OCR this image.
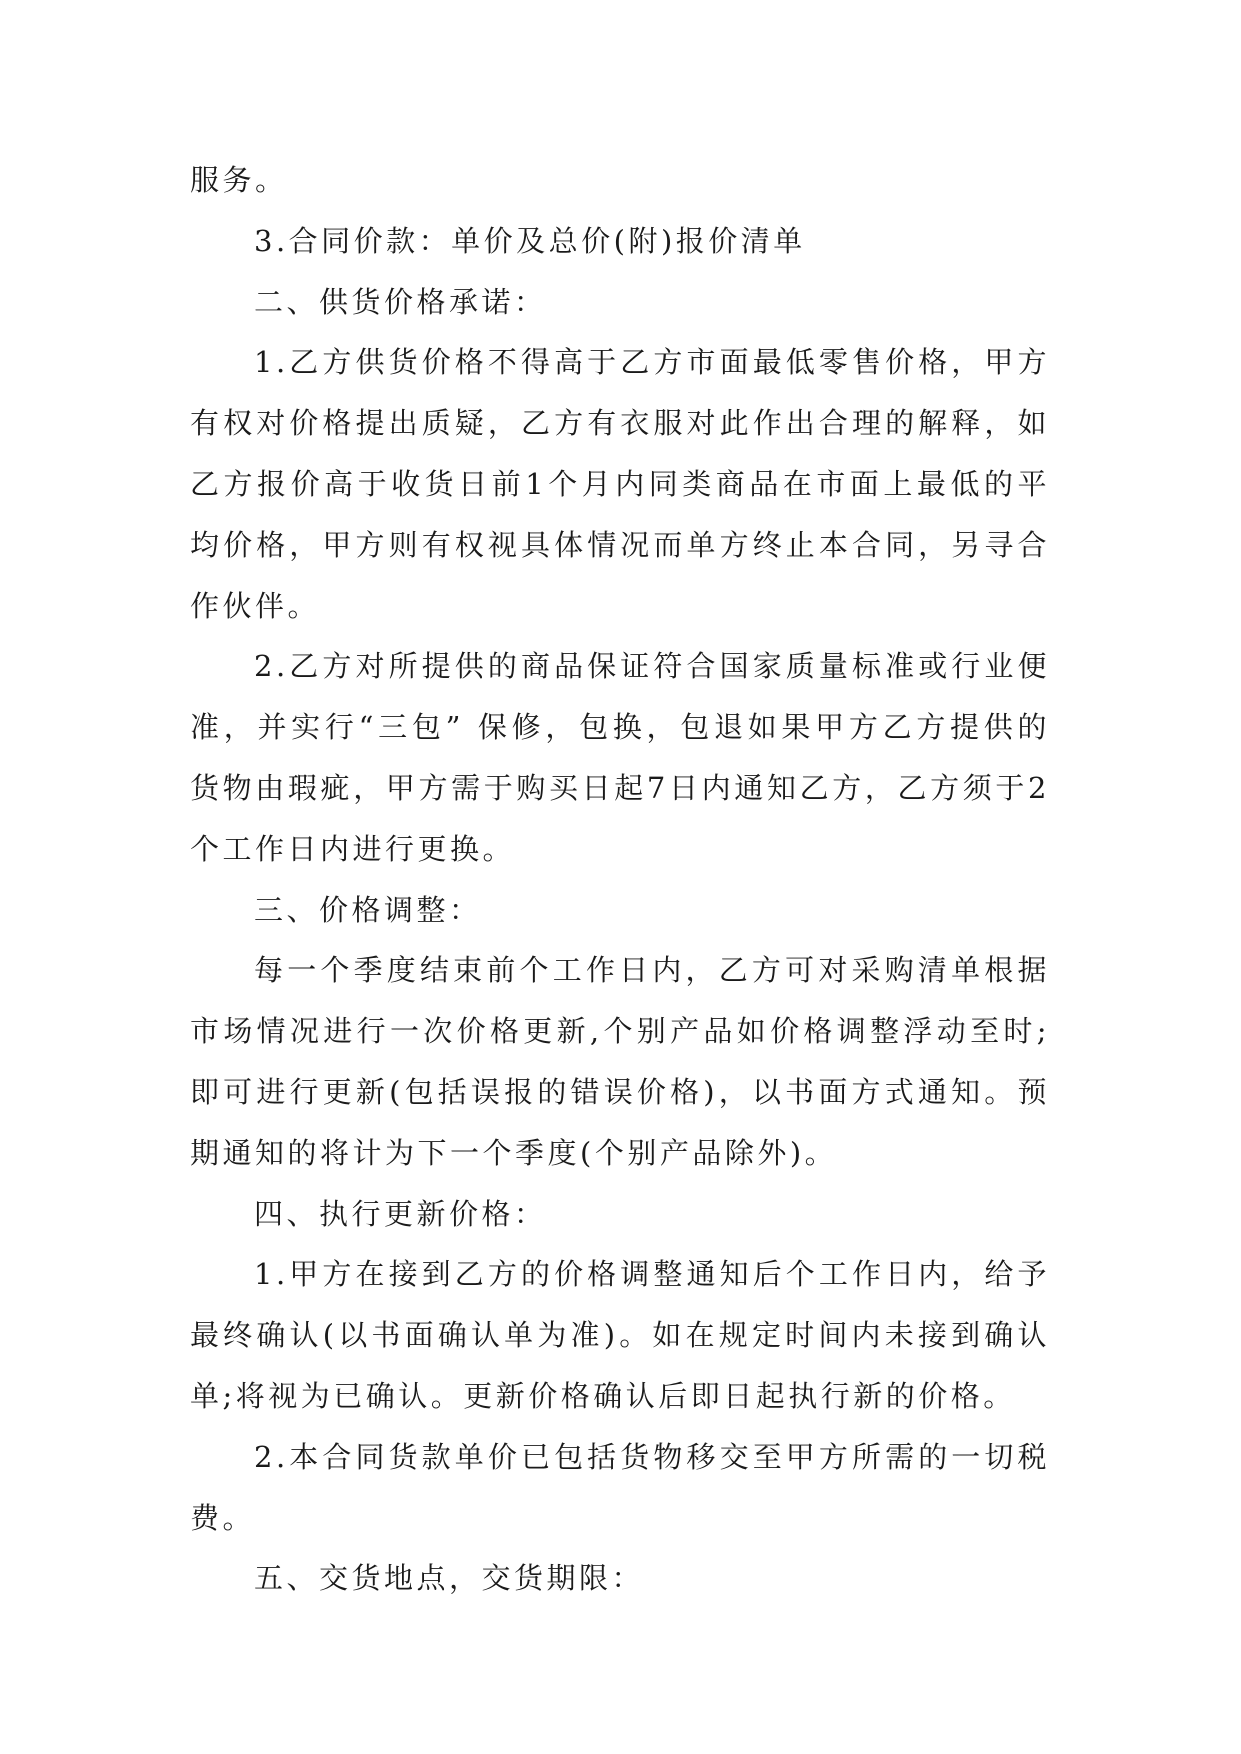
服务。

3.合同价款：单价及总价(附)报价清单

二、供货价格承诺：

1.乙方供货价格不得高于乙方市面最低零售价格，甲方有权对价格提出质疑，乙方有衣服对此作出合理的解释，如乙方报价高于收货日前1个月内同类商品在市面上最低的平均价格，甲方则有权视具体情况而单方终止本合同，另寻合作伙伴。

2.乙方对所提供的商品保证符合国家质量标准或行业便准，并实行“三包” 保修，包换，包退如果甲方乙方提供的货物由瑕疵，甲方需于购买日起7日内通知乙方，乙方须于2个工作日内进行更换。

三、价格调整：

每一个季度结束前个工作日内，乙方可对采购清单根据市场情况进行一次价格更新,个别产品如价格调整浮动至时;即可进行更新(包括误报的错误价格)，以书面方式通知。预期通知的将计为下一个季度(个别产品除外)。

四、执行更新价格：

1.甲方在接到乙方的价格调整通知后个工作日内，给予最终确认(以书面确认单为准)。如在规定时间内未接到确认单;将视为已确认。更新价格确认后即日起执行新的价格。

2.本合同货款单价已包括货物移交至甲方所需的一切税费。

五、交货地点，交货期限：
